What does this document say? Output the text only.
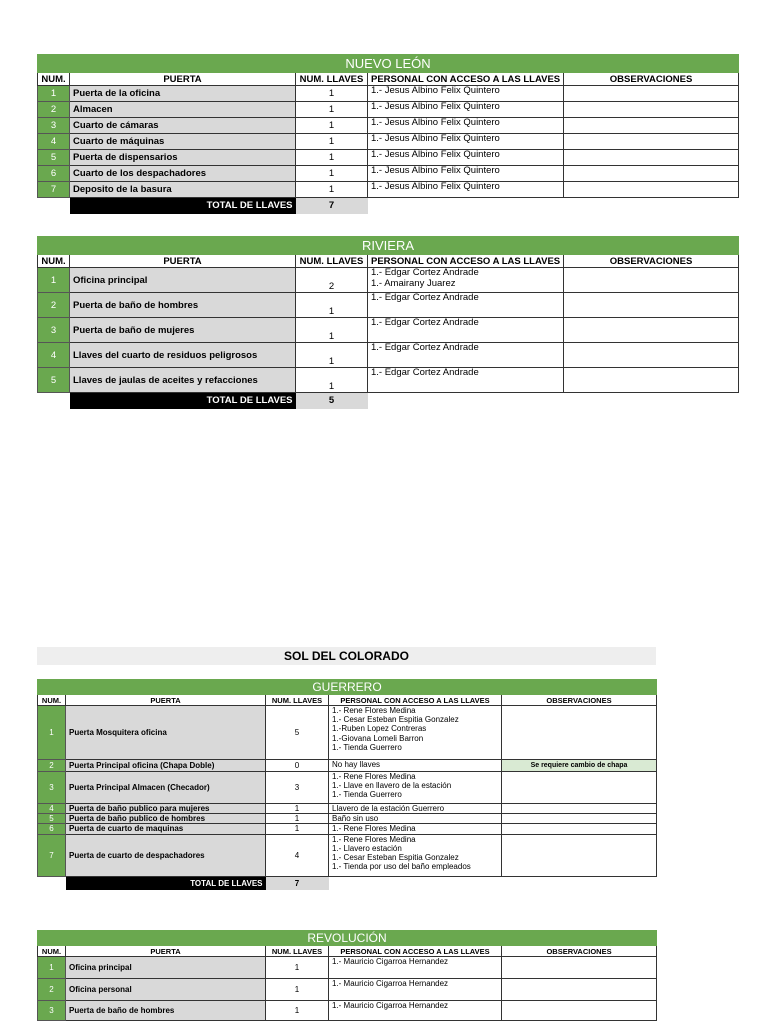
NUEVO LEÓN				
NUM.	PUERTA	NUM. LLAVES	PERSONAL CON ACCESO A LAS LLAVES	OBSERVACIONES
1	Puerta de la oficina	1	1.- Jesus Albino Felix Quintero	

2	Almacen	1	1.- Jesus Albino Felix Quintero	

3	Cuarto de cámaras	1	1.- Jesus Albino Felix Quintero	

4	Cuarto de máquinas	1	1.- Jesus Albino Felix Quintero	

5	Puerta de dispensarios	1	1.- Jesus Albino Felix Quintero	

6	Cuarto de los despachadores	1	1.- Jesus Albino Felix Quintero	

7	Deposito de la basura	1	1.- Jesus Albino Felix Quintero	

	TOTAL DE LLAVES	7		
RIVIERA				
NUM.	PUERTA	NUM. LLAVES	PERSONAL CON ACCESO A LAS LLAVES	OBSERVACIONES
1	Oficina principal	2	1.- Edgar Cortez Andrade
1.- Amairany Juarez	

2	Puerta de baño de hombres	1	1.- Edgar Cortez Andrade	

3	Puerta de baño de mujeres	1	1.- Edgar Cortez Andrade	

4	Llaves del cuarto de residuos peligrosos	1	1.- Edgar Cortez Andrade	

5	Llaves de jaulas de aceites y refacciones	1	1.- Edgar Cortez Andrade	

	TOTAL DE LLAVES	5		
SOL DEL COLORADO
GUERRERO				
NUM.	PUERTA	NUM. LLAVES	PERSONAL CON ACCESO A LAS LLAVES	OBSERVACIONES
1	Puerta Mosquitera oficina	5	1.- Rene Flores Medina
1.- Cesar Esteban Espitia Gonzalez
1.-Ruben Lopez Contreras
1.-Giovana Lomeli Barron
1.- Tienda Guerrero	

2	Puerta Principal oficina (Chapa Doble)	0	No hay llaves	Se requiere cambio de chapa
3	Puerta Principal Almacen (Checador)	3	1.- Rene Flores Medina
1.- Llave en llavero de la estación
1.- Tienda Guerrero	

4	Puerta de baño publico para mujeres	1	Llavero de la estación Guerrero	

5	Puerta de baño publico de hombres	1	Baño sin uso	

6	Puerta de cuarto de maquinas	1	1.- Rene Flores Medina	

7	Puerta de cuarto de despachadores	4	1.- Rene Flores Medina
1.- Llavero estación
1.- Cesar Esteban Espitia Gonzalez
1.- Tienda por uso del baño empleados	

	TOTAL DE LLAVES	7		
REVOLUCIÓN				
NUM.	PUERTA	NUM. LLAVES	PERSONAL CON ACCESO A LAS LLAVES	OBSERVACIONES
1	Oficina principal	1	1.- Mauricio Cigarroa Hernandez	

2	Oficina personal	1	1.- Mauricio Cigarroa Hernandez	

3	Puerta de baño de hombres	1	1.- Mauricio Cigarroa Hernandez	
